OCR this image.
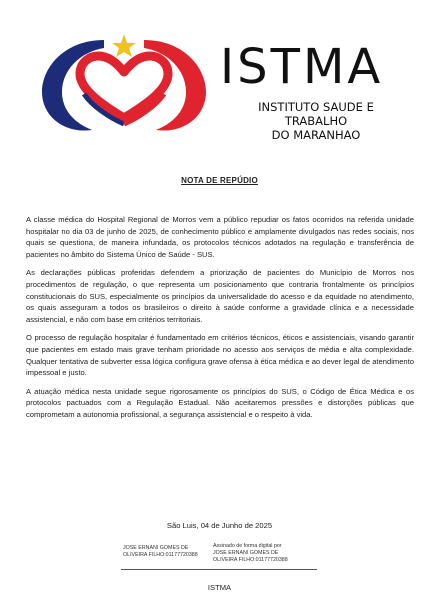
ISTMA
INSTITUTO SAUDE E TRABALHO
DO MARANHAO
NOTA DE REPÚDIO

A classe médica do Hospital Regional de Morros vem a público repudiar os fatos ocorridos na referida unidade hospitalar no dia 03 de junho de 2025, de conhecimento público e amplamente divulgados nas redes sociais, nos quais se questiona, de maneira infundada, os protocolos técnicos adotados na regulação e transferência de pacientes no âmbito do Sistema Único de Saúde - SUS.

As declarações públicas proferidas defendem a priorização de pacientes do Município de Morros nos procedimentos de regulação, o que representa um posicionamento que contraria frontalmente os princípios constitucionais do SUS, especialmente os princípios da universalidade do acesso e da equidade no atendimento, os quais asseguram a todos os brasileiros o direito à saúde conforme a gravidade clínica e a necessidade assistencial, e não com base em critérios territoriais.

O processo de regulação hospitalar é fundamentado em critérios técnicos, éticos e assistenciais, visando garantir que pacientes em estado mais grave tenham prioridade no acesso aos serviços de média e alta complexidade. Qualquer tentativa de subverter essa lógica configura grave ofensa à ética médica e ao dever legal de atendimento impessoal e justo.

A atuação médica nesta unidade segue rigorosamente os princípios do SUS, o Código de Ética Médica e os protocolos pactuados com a Regulação Estadual. Não aceitaremos pressões e distorções públicas que comprometam a autonomia profissional, a segurança assistencial e o respeito à vida.

São Luis, 04 de Junho de 2025
JOSE ERNANI GOMES DE
OLIVEIRA FILHO:01177720388
Assinado de forma digital por
JOSE ERNANI GOMES DE
OLIVEIRA FILHO:01177720388
ISTMA
